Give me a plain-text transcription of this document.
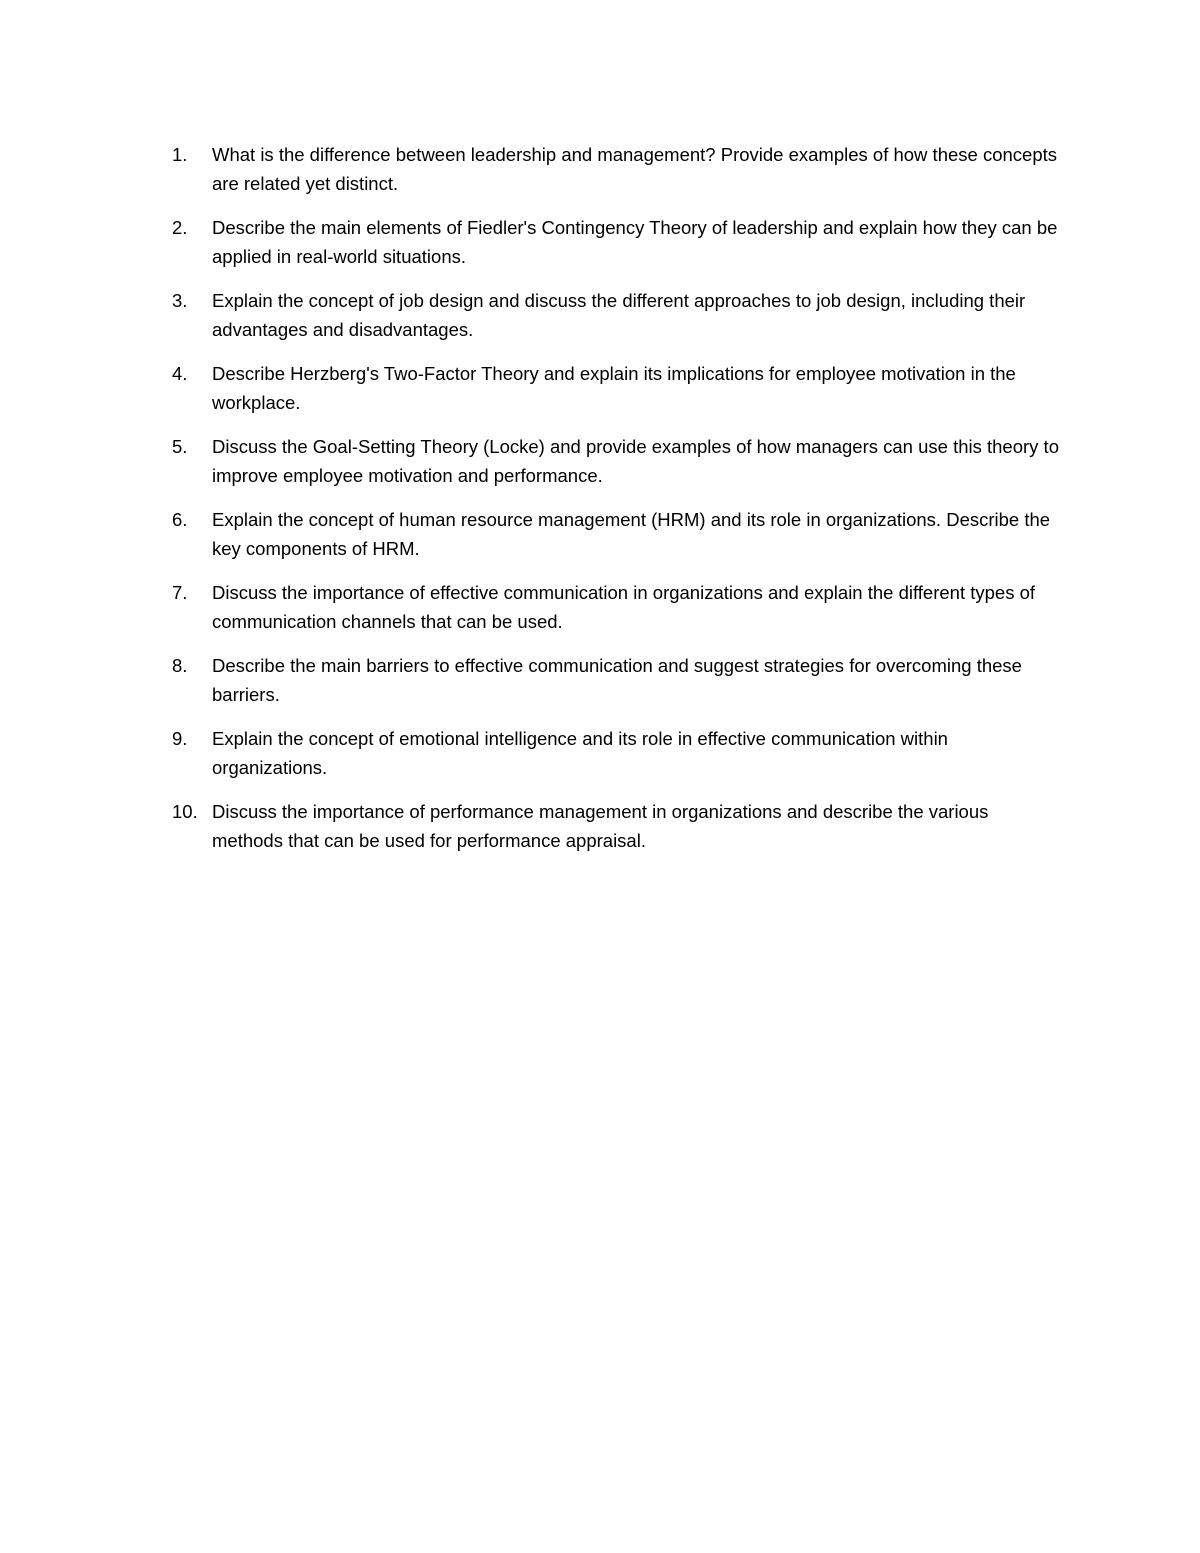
1.	What is the difference between leadership and management? Provide examples of how these concepts are related yet distinct.
2.	Describe the main elements of Fiedler's Contingency Theory of leadership and explain how they can be applied in real-world situations.
3.	Explain the concept of job design and discuss the different approaches to job design, including their advantages and disadvantages.
4.	Describe Herzberg's Two-Factor Theory and explain its implications for employee motivation in the workplace.
5.	Discuss the Goal-Setting Theory (Locke) and provide examples of how managers can use this theory to improve employee motivation and performance.
6.	Explain the concept of human resource management (HRM) and its role in organizations. Describe the key components of HRM.
7.	Discuss the importance of effective communication in organizations and explain the different types of communication channels that can be used.
8.	Describe the main barriers to effective communication and suggest strategies for overcoming these barriers.
9.	Explain the concept of emotional intelligence and its role in effective communication within organizations.
10. Discuss the importance of performance management in organizations and describe the various methods that can be used for performance appraisal.
